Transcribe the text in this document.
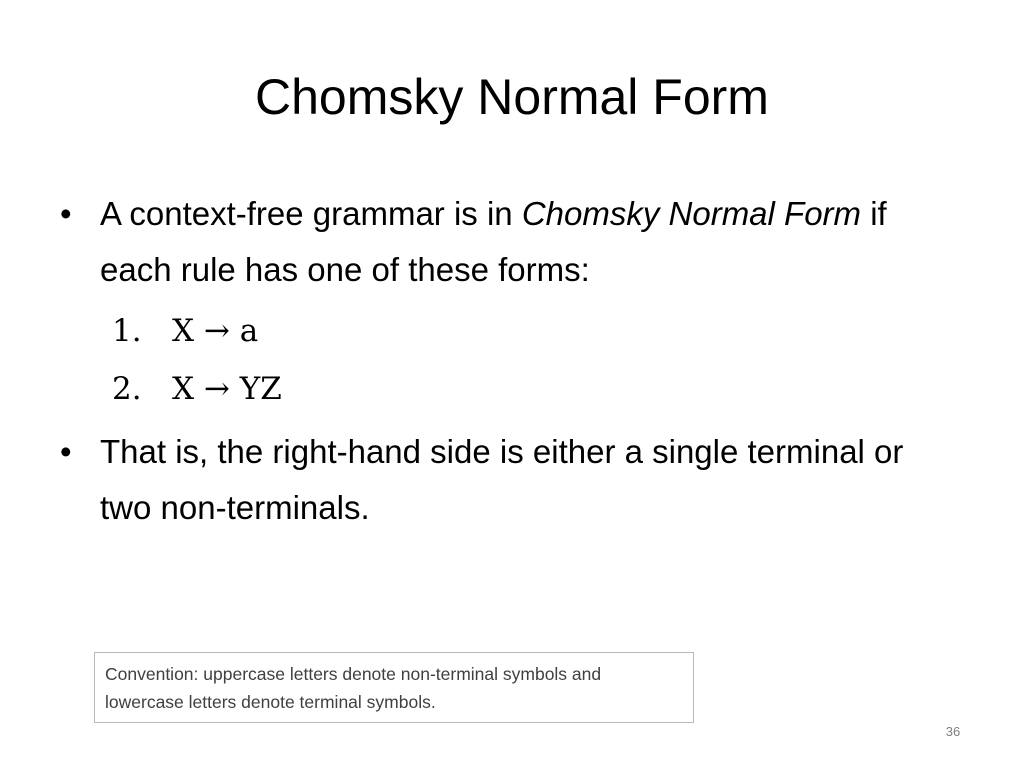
Chomsky Normal Form
• A context-free grammar is in Chomsky Normal Form if each rule has one of these forms:
1. X → a
2. X → YZ
• That is, the right-hand side is either a single terminal or two non-terminals.
Convention: uppercase letters denote non-terminal symbols and lowercase letters denote terminal symbols.
36
